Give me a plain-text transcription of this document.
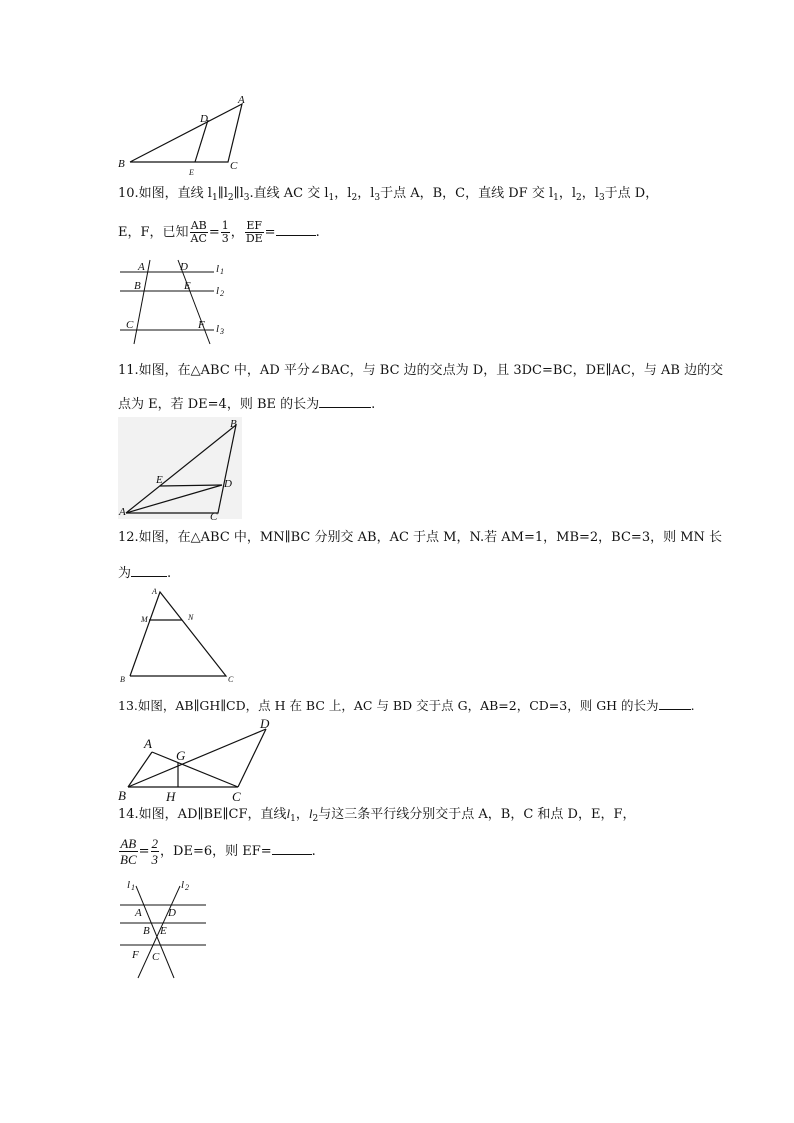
A
B	C
D
E
10.如图，直线 $l_1\parallel l_2\parallel l_3$.直线 AC 交 $l_1$，$l_2$，$l_3$于点 A，B，C，直线 DF 交 $l_1$，$l_2$，$l_3$于点 D，
E，F，已知 $\frac{AB}{AC} = \frac{1}{3}$ ， $\frac{EF}{DE}$ =	.
A	D
B	E
C	F
l 1
l 2
l 3
11.如图，在△ABC 中，AD 平分∠BAC，与 BC 边的交点为 D，且 3DC=BC，DE∥AC，与 AB 边的交
点为 E，若 DE=4，则 BE 的长为	.
B
E	D
A	C
12.如图，在△ABC 中，MN∥BC 分别交 AB，AC 于点 M，N.若 AM=1，MB=2，BC=3，则 MN 长
为	.
A
M	N
B	C
13.如图，AB∥GH∥CD，点 H 在 BC 上，AC 与 BD 交于点 G，AB=2，CD=3，则 GH 的长为	.
D
A
G
B	H	C
14.如图，AD∥BE∥CF，直线$l_1$，$l_2$与这三条平行线分别交于点 A，B，C 和点 D，E，F，
$\frac{AB}{BC} = \frac{2}{3}$ ，DE=6，则 EF=	.
l 1	l 2
A D
B E
F C
